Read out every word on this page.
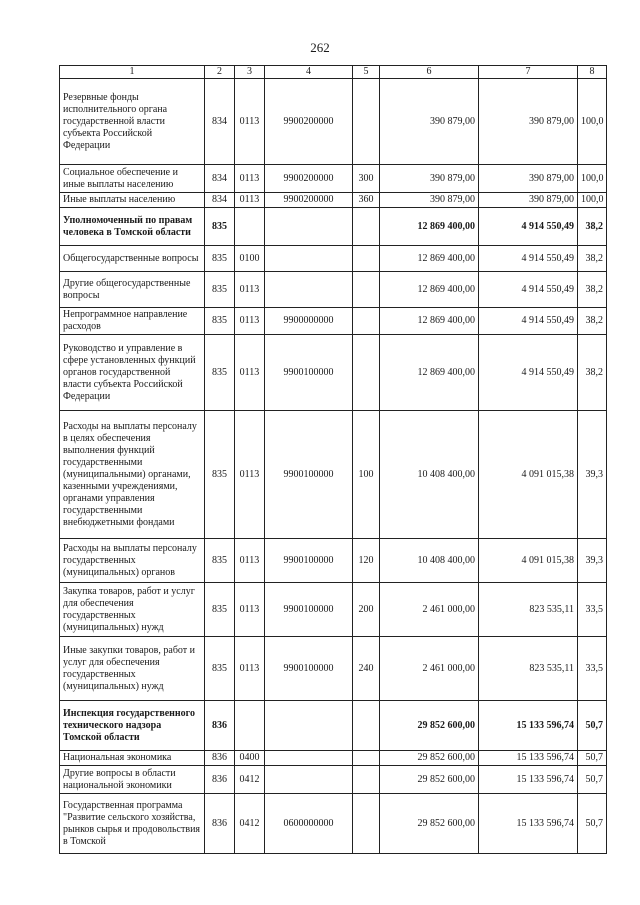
262
1	2	3	4	5	6	7	8
Резервные фонды исполнительного органа государственной власти субъекта Российской Федерации	834	0113	9900200000		390 879,00	390 879,00	100,0
Социальное обеспечение и иные выплаты населению	834	0113	9900200000	300	390 879,00	390 879,00	100,0
Иные выплаты населению	834	0113	9900200000	360	390 879,00	390 879,00	100,0
Уполномоченный по правам человека в Томской области	835				12 869 400,00	4 914 550,49	38,2
Общегосударственные вопросы	835	0100			12 869 400,00	4 914 550,49	38,2
Другие общегосударственные вопросы	835	0113			12 869 400,00	4 914 550,49	38,2
Непрограммное направление расходов	835	0113	9900000000		12 869 400,00	4 914 550,49	38,2
Руководство и управление в сфере установленных функций органов государственной власти субъекта Российской Федерации	835	0113	9900100000		12 869 400,00	4 914 550,49	38,2
Расходы на выплаты персоналу в целях обеспечения выполнения функций государственными (муниципальными) органами, казенными учреждениями, органами управления государственными внебюджетными фондами	835	0113	9900100000	100	10 408 400,00	4 091 015,38	39,3
Расходы на выплаты персоналу государственных (муниципальных) органов	835	0113	9900100000	120	10 408 400,00	4 091 015,38	39,3
Закупка товаров, работ и услуг для обеспечения государственных (муниципальных) нужд	835	0113	9900100000	200	2 461 000,00	823 535,11	33,5
Иные закупки товаров, работ и услуг для обеспечения государственных (муниципальных) нужд	835	0113	9900100000	240	2 461 000,00	823 535,11	33,5
Инспекция государственного технического надзора Томской области	836				29 852 600,00	15 133 596,74	50,7
Национальная экономика	836	0400			29 852 600,00	15 133 596,74	50,7
Другие вопросы в области национальной экономики	836	0412			29 852 600,00	15 133 596,74	50,7
Государственная программа "Развитие сельского хозяйства, рынков сырья и продовольствия в Томской	836	0412	0600000000		29 852 600,00	15 133 596,74	50,7
